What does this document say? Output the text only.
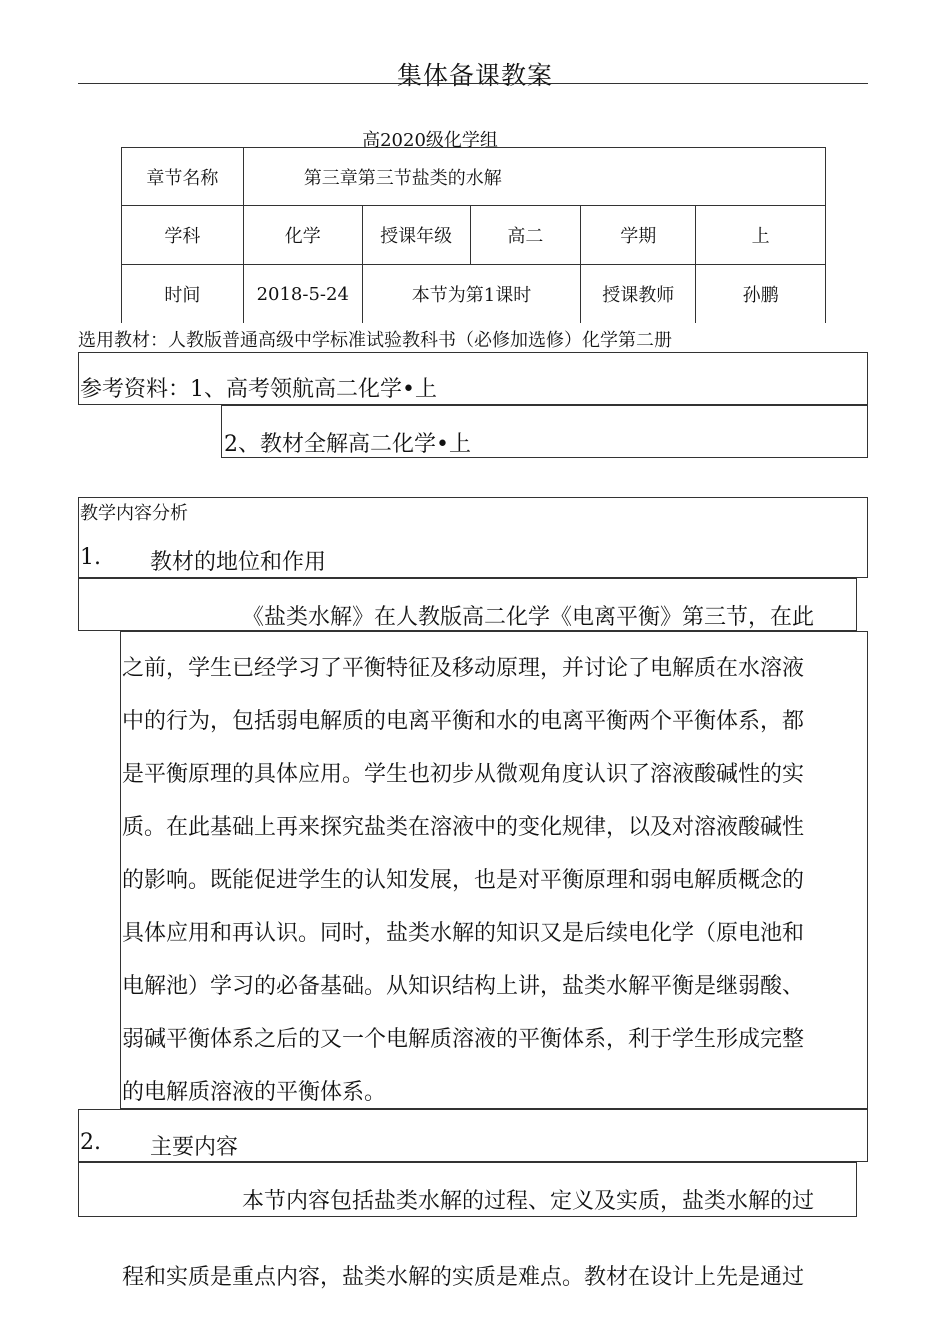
集体备课教案
高2020级化学组
章节名称	第三章第三节盐类的水解				
学科	化学	授课年级	高二	学期	上
时间	2018-5-24	本节为第1课时		授课教师	孙鹏
选用教材：人教版普通高级中学标准试验教科书（必修加选修）化学第二册
参考资料：1、高考领航高二化学•上
2、教材全解高二化学•上
教学内容分析
1. 教材的地位和作用
《盐类水解》在人教版高二化学《电离平衡》第三节，在此
之前，学生已经学习了平衡特征及移动原理，并讨论了电解质在水溶液
中的行为，包括弱电解质的电离平衡和水的电离平衡两个平衡体系，都
是平衡原理的具体应用。学生也初步从微观角度认识了溶液酸碱性的实
质。在此基础上再来探究盐类在溶液中的变化规律，以及对溶液酸碱性
的影响。既能促进学生的认知发展，也是对平衡原理和弱电解质概念的
具体应用和再认识。同时，盐类水解的知识又是后续电化学（原电池和
电解池）学习的必备基础。从知识结构上讲，盐类水解平衡是继弱酸、
弱碱平衡体系之后的又一个电解质溶液的平衡体系，利于学生形成完整
的电解质溶液的平衡体系。
2. 主要内容
本节内容包括盐类水解的过程、定义及实质，盐类水解的过
程和实质是重点内容，盐类水解的实质是难点。教材在设计上先是通过
